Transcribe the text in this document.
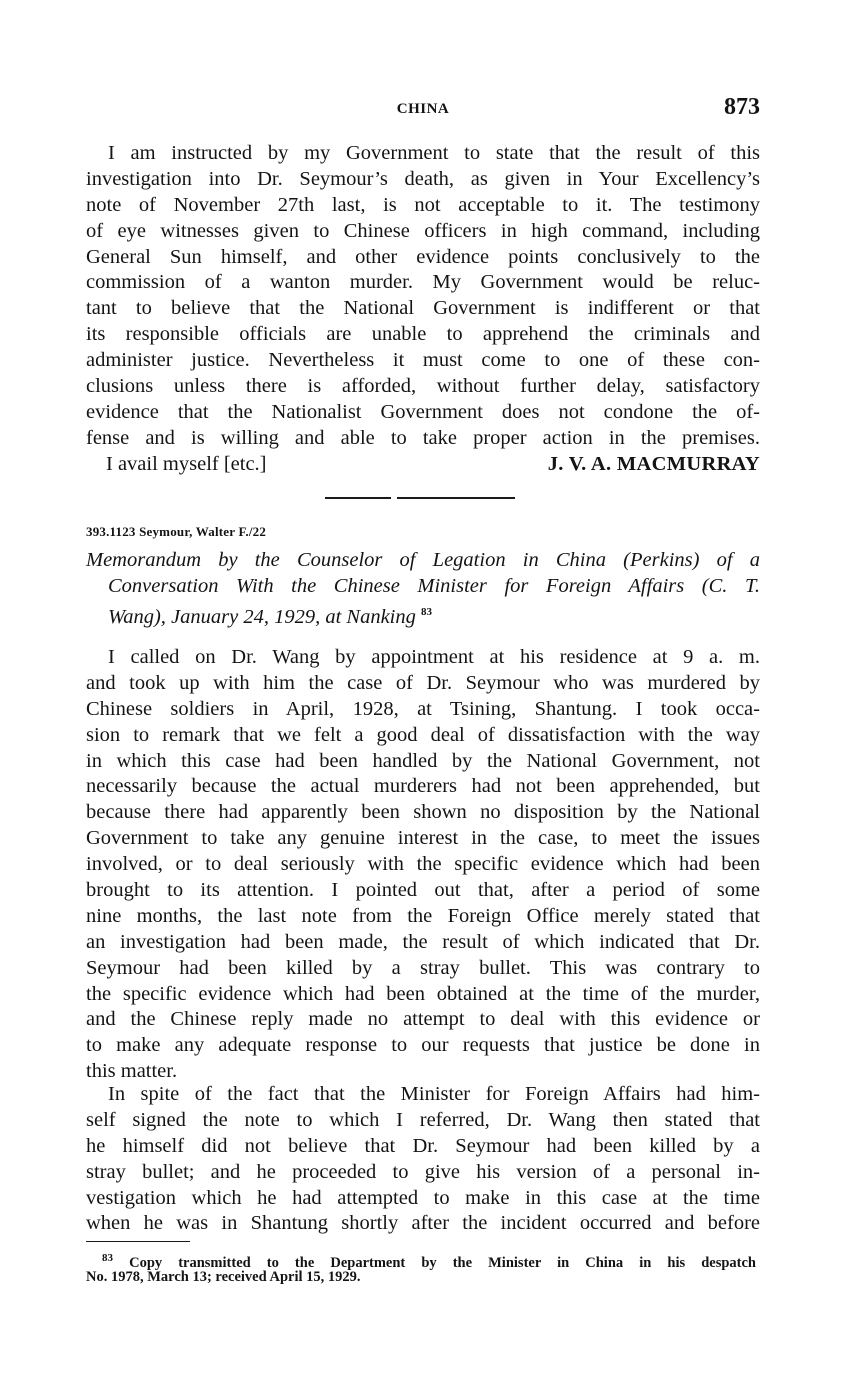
CHINA	873
I am instructed by my Government to state that the result of this
investigation into Dr. Seymour’s death, as given in Your Excellency’s
note of November 27th last, is not acceptable to it. The testimony
of eye witnesses given to Chinese officers in high command, including
General Sun himself, and other evidence points conclusively to the
commission of a wanton murder. My Government would be reluc-
tant to believe that the National Government is indifferent or that
its responsible officials are unable to apprehend the criminals and
administer justice. Nevertheless it must come to one of these con-
clusions unless there is afforded, without further delay, satisfactory
evidence that the Nationalist Government does not condone the of-
fense and is willing and able to take proper action in the premises.
I avail myself [etc.]	J. V. A. MACMURRAY
393.1123 Seymour, Walter F./22
Memorandum by the Counselor of Legation in China (Perkins) of a
Conversation With the Chinese Minister for Foreign Affairs (C. T.
Wang), January 24, 1929, at Nanking $^{83}$
I called on Dr. Wang by appointment at his residence at 9 a. m.
and took up with him the case of Dr. Seymour who was murdered by
Chinese soldiers in April, 1928, at Tsining, Shantung. I took occa-
sion to remark that we felt a good deal of dissatisfaction with the way
in which this case had been handled by the National Government, not
necessarily because the actual murderers had not been apprehended, but
because there had apparently been shown no disposition by the National
Government to take any genuine interest in the case, to meet the issues
involved, or to deal seriously with the specific evidence which had been
brought to its attention. I pointed out that, after a period of some
nine months, the last note from the Foreign Office merely stated that
an investigation had been made, the result of which indicated that Dr.
Seymour had been killed by a stray bullet. This was contrary to
the specific evidence which had been obtained at the time of the murder,
and the Chinese reply made no attempt to deal with this evidence or
to make any adequate response to our requests that justice be done in
this matter.
In spite of the fact that the Minister for Foreign Affairs had him-
self signed the note to which I referred, Dr. Wang then stated that
he himself did not believe that Dr. Seymour had been killed by a
stray bullet; and he proceeded to give his version of a personal in-
vestigation which he had attempted to make in this case at the time
when he was in Shantung shortly after the incident occurred and before
$^{83}$ Copy transmitted to the Department by the Minister in China in his despatch
No. 1978, March 13; received April 15, 1929.
